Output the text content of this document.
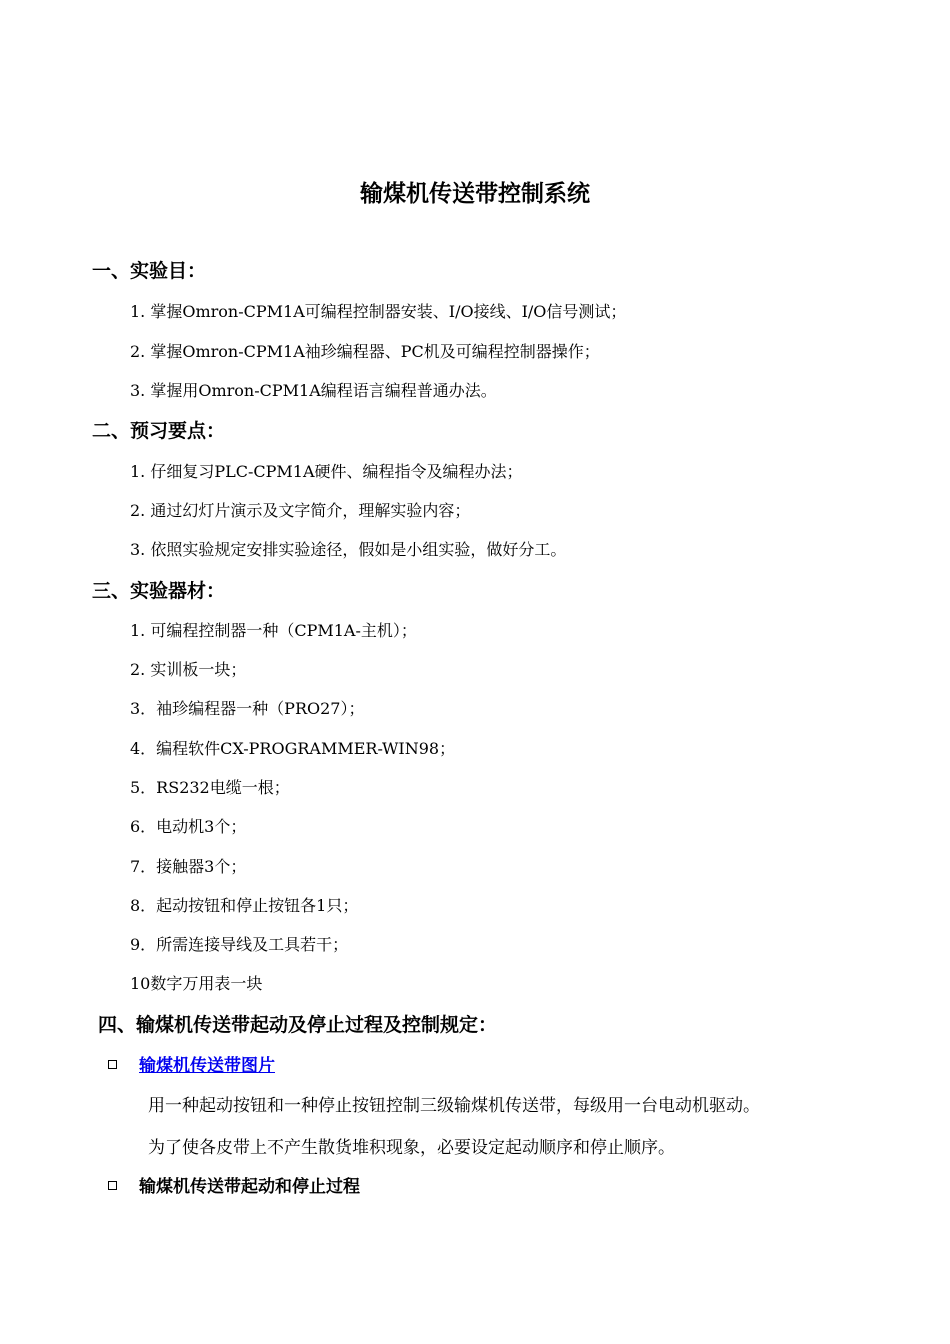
输煤机传送带控制系统
一、实验目：
1. 掌握Omron-CPM1A可编程控制器安装、I/O接线、I/O信号测试；
2. 掌握Omron-CPM1A袖珍编程器、PC机及可编程控制器操作；
3. 掌握用Omron-CPM1A编程语言编程普通办法。
二、预习要点：
1. 仔细复习PLC-CPM1A硬件、编程指令及编程办法；
2. 通过幻灯片演示及文字简介，理解实验内容；
3. 依照实验规定安排实验途径，假如是小组实验，做好分工。
三、实验器材：
1. 可编程控制器一种（CPM1A-主机）；
2. 实训板一块；
3．袖珍编程器一种（PRO27）；
4．编程软件CX-PROGRAMMER-WIN98；
5．RS232电缆一根；
6．电动机3个；
7．接触器3个；
8．起动按钮和停止按钮各1只；
9．所需连接导线及工具若干；
10数字万用表一块
四、输煤机传送带起动及停止过程及控制规定：
输煤机传送带图片
用一种起动按钮和一种停止按钮控制三级输煤机传送带，每级用一台电动机驱动。
为了使各皮带上不产生散货堆积现象，必要设定起动顺序和停止顺序。
输煤机传送带起动和停止过程
